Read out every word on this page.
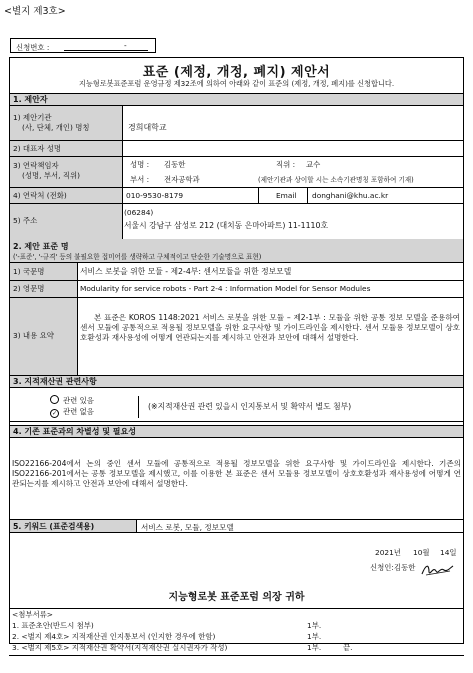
<별지 제3호>
신청번호 :	-
표준 (제정, 개정, 폐지) 제안서
지능형로봇표준포럼 운영규정 제32조에 의하여 아래와 같이 표준의 (제정, 개정, 폐지)를 신청합니다.
1. 제안자
1) 제안기관
(사, 단체, 개인) 명칭	경희대학교
2) 대표자 성명
3) 연락책임자
(성명, 부서, 직위)
성명 : 김동한	직위 : 교수
부서 : 전자공학과	(제안기관과 상이할 시는 소속기관명칭 포함하여 기재)
4) 연락처 (전화)	010-9530-8179	Email donghani@khu.ac.kr
5) 주소
(06284)
서울시 강남구 삼성로 212 (대치동 은마아파트) 11-1110호
2. 제안 표준 명
('-표준', '-규격' 등의 불필요한 접미어를 생략하고 구체적이고 단순한 기술명으로 표현)
1) 국문명	서비스 로봇을 위한 모듈 - 제2-4부: 센서모듈을 위한 정보모델
2) 영문명	Modularity for service robots - Part 2-4 : Information Model for Sensor Modules
3) 내용 요약
본 표준은 KOROS 1148:2021 서비스 로봇을 위한 모듈 – 제2-1부 : 모듈을 위한 공통 정보 모델을 준용하여 센서 모듈에 공통적으로 적용될 정보모델을 위한 요구사항 및 가이드라인을 제시한다. 센서 모듈용 정보모델이 상호호환성과 재사용성에 어떻게 연관되는지를 제시하고 안전과 보안에 대해서 설명한다.
3. 지적재산권 관련사항
관련 있음
✓ 관련 없음
(※지적재산권 관련 있을시 인지통보서 및 확약서 별도 첨부)
4. 기존 표준과의 차별성 및 필요성
ISO22166-204에서 논의 중인 센서 모듈에 공통적으로 적용될 정보모델을 위한 요구사항 및 가이드라인을 제시한다. 기존의 ISO22166-201에서는 공통 정보모델을 제시했고, 이를 이용한 본 표준은 센서 모듈용 정보모델이 상호호환성과 재사용성에 어떻게 연관되는지를 제시하고 안전과 보안에 대해서 설명한다.
5. 키워드 (표준검색용)	서비스 로봇, 모듈, 정보모델
2021년 10월 14일
신청인: 김동한
지능형로봇 표준포럼 의장 귀하
<첨부서류>
1. 표준초안(반드시 첨부)	1부.
2. <별지 제4호> 지적재산권 인지통보서 (인지한 경우에 한함)	1부.
3. <별지 제5호> 지적재산권 확약서(지적재산권 실시권자가 작성)	1부.	끝.
